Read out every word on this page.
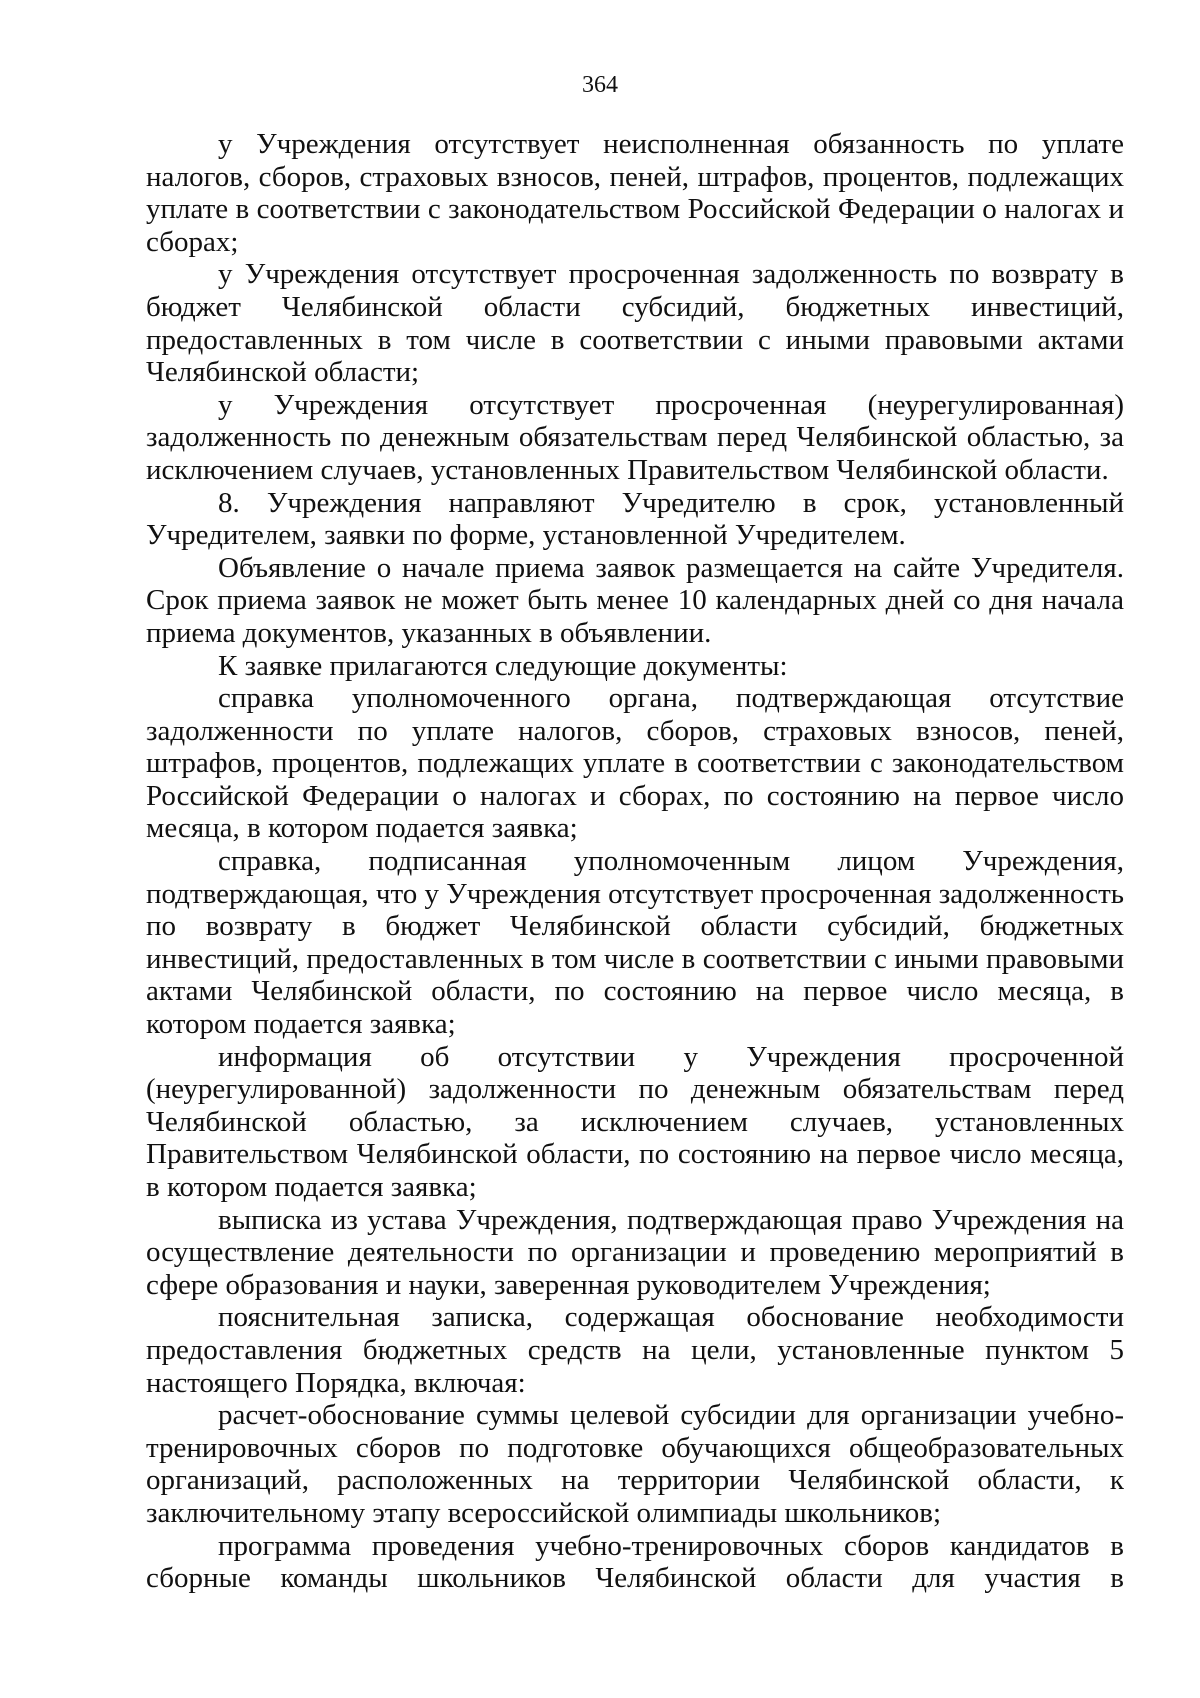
364

у Учреждения отсутствует неисполненная обязанность по уплате налогов, сборов, страховых взносов, пеней, штрафов, процентов, подлежащих уплате в соответствии с законодательством Российской Федерации о налогах и сборах;

у Учреждения отсутствует просроченная задолженность по возврату в бюджет Челябинской области субсидий, бюджетных инвестиций, предоставленных в том числе в соответствии с иными правовыми актами Челябинской области;

у Учреждения отсутствует просроченная (неурегулированная) задолженность по денежным обязательствам перед Челябинской областью, за исключением случаев, установленных Правительством Челябинской области.

8. Учреждения направляют Учредителю в срок, установленный Учредителем, заявки по форме, установленной Учредителем.

Объявление о начале приема заявок размещается на сайте Учредителя. Срок приема заявок не может быть менее 10 календарных дней со дня начала приема документов, указанных в объявлении.

К заявке прилагаются следующие документы:

справка уполномоченного органа, подтверждающая отсутствие задолженности по уплате налогов, сборов, страховых взносов, пеней, штрафов, процентов, подлежащих уплате в соответствии с законодательством Российской Федерации о налогах и сборах, по состоянию на первое число месяца, в котором подается заявка;

справка, подписанная уполномоченным лицом Учреждения, подтверждающая, что у Учреждения отсутствует просроченная задолженность по возврату в бюджет Челябинской области субсидий, бюджетных инвестиций, предоставленных в том числе в соответствии с иными правовыми актами Челябинской области, по состоянию на первое число месяца, в котором подается заявка;

информация об отсутствии у Учреждения просроченной (неурегулированной) задолженности по денежным обязательствам перед Челябинской областью, за исключением случаев, установленных Правительством Челябинской области, по состоянию на первое число месяца, в котором подается заявка;

выписка из устава Учреждения, подтверждающая право Учреждения на осуществление деятельности по организации и проведению мероприятий в сфере образования и науки, заверенная руководителем Учреждения;

пояснительная записка, содержащая обоснование необходимости предоставления бюджетных средств на цели, установленные пунктом 5 настоящего Порядка, включая:

расчет-обоснование суммы целевой субсидии для организации учебно-тренировочных сборов по подготовке обучающихся общеобразовательных организаций, расположенных на территории Челябинской области, к заключительному этапу всероссийской олимпиады школьников;

программа проведения учебно-тренировочных сборов кандидатов в сборные команды школьников Челябинской области для участия в
